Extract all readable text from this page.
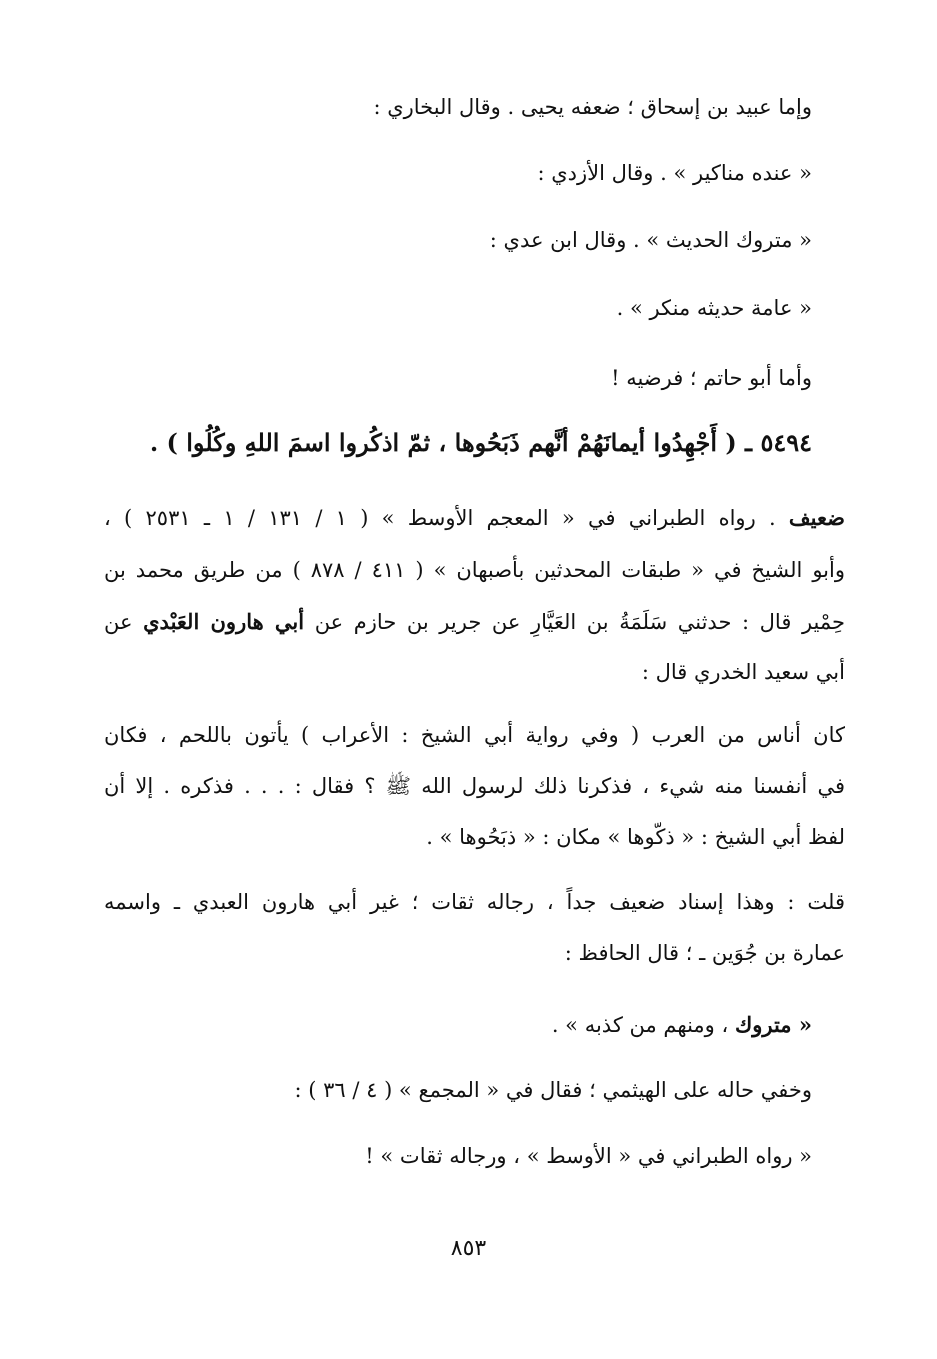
وإما عبيد بن إسحاق ؛ ضعفه يحيى . وقال البخاري :
« عنده مناكير » . وقال الأزدي :
« متروك الحديث » . وقال ابن عدي :
« عامة حديثه منكر » .
وأما أبو حاتم ؛ فرضيه !
٥٤٩٤ ـ ( أَجْهِدُوا أيمانَهُمْ أنَّهم ذَبَحُوها ، ثمّ اذكُروا اسمَ اللهِ وكُلُوا ) .
ضعيف . رواه الطبراني في « المعجم الأوسط » ( ١ / ١٣١ / ١ ـ ٢٥٣١ ) ،
وأبو الشيخ في « طبقات المحدثين بأصبهان » ( ٤١١ / ٨٧٨ ) من طريق محمد بن
حِمْير قال : حدثني سَلَمَةُ بن العَيَّارِ عن جرير بن حازم عن أبي هارون العَبْدي عن
أبي سعيد الخدري قال :
كان أناس من العرب ( وفي رواية أبي الشيخ : الأعراب ) يأتون باللحم ، فكان
في أنفسنا منه شيء ، فذكرنا ذلك لرسول الله ﷺ ؟ فقال : . . . فذكره . إلا أن
لفظ أبي الشيخ : « ذكّوها » مكان : « ذبَحُوها » .
قلت : وهذا إسناد ضعيف جداً ، رجاله ثقات ؛ غير أبي هارون العبدي ـ واسمه
عمارة بن جُوَين ـ ؛ قال الحافظ :
« متروك ، ومنهم من كذبه » .
وخفي حاله على الهيثمي ؛ فقال في « المجمع » ( ٤ / ٣٦ ) :
« رواه الطبراني في « الأوسط » ، ورجاله ثقات » !
٨٥٣
